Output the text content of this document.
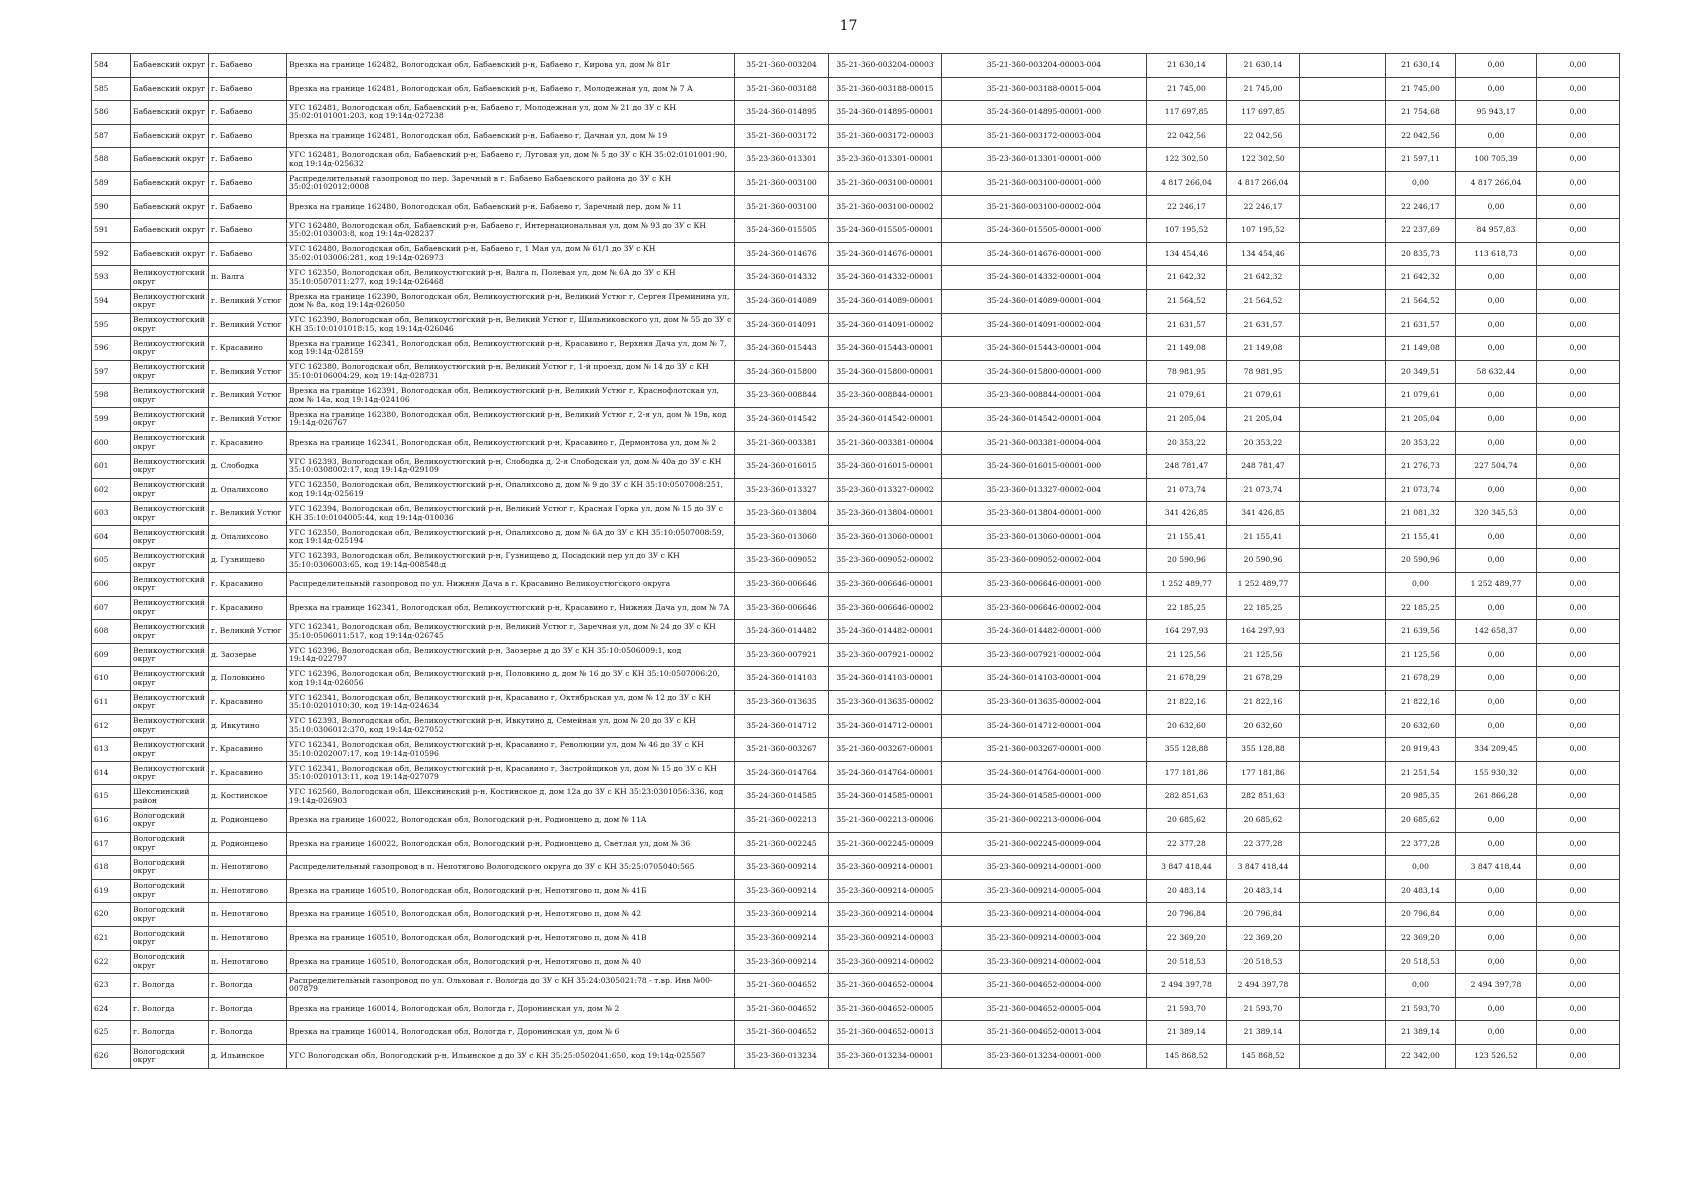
17
584	Бабаевский округ	г. Бабаево	Врезка на границе 162482, Вологодская обл, Бабаевский р-н, Бабаево г, Кирова ул, дом № 81г	35-21-360-003204	35-21-360-003204-00003	35-21-360-003204-00003-004	21 630,14	21 630,14		21 630,14	0,00	0,00
585	Бабаевский округ	г. Бабаево	Врезка на границе 162481, Вологодская обл, Бабаевский р-н, Бабаево г, Молодежная ул, дом № 7 А	35-21-360-003188	35-21-360-003188-00015	35-21-360-003188-00015-004	21 745,00	21 745,00		21 745,00	0,00	0,00
586	Бабаевский округ	г. Бабаево	УГС 162481, Вологодская обл, Бабаевский р-н, Бабаево г, Молодежная ул, дом № 21 до ЗУ с КН 35:02:0101001:203, код 19:14д-027238	35-24-360-014895	35-24-360-014895-00001	35-24-360-014895-00001-000	117 697,85	117 697,85		21 754,68	95 943,17	0,00
587	Бабаевский округ	г. Бабаево	Врезка на границе 162481, Вологодская обл, Бабаевский р-н, Бабаево г, Дачная ул, дом № 19	35-21-360-003172	35-21-360-003172-00003	35-21-360-003172-00003-004	22 042,56	22 042,56		22 042,56	0,00	0,00
588	Бабаевский округ	г. Бабаево	УГС 162481, Вологодская обл, Бабаевский р-н, Бабаево г, Луговая ул, дом № 5 до ЗУ с КН 35:02:0101001:90, код 19:14д-025632	35-23-360-013301	35-23-360-013301-00001	35-23-360-013301-00001-000	122 302,50	122 302,50		21 597,11	100 705,39	0,00
589	Бабаевский округ	г. Бабаево	Распределительный газопровод по пер. Заречный в г. Бабаево Бабаевского района до ЗУ с КН 35:02:0102012:0008	35-21-360-003100	35-21-360-003100-00001	35-21-360-003100-00001-000	4 817 266,04	4 817 266,04		0,00	4 817 266,04	0,00
590	Бабаевский округ	г. Бабаево	Врезка на границе 162480, Вологодская обл, Бабаевский р-н, Бабаево г, Заречный пер, дом № 11	35-21-360-003100	35-21-360-003100-00002	35-21-360-003100-00002-004	22 246,17	22 246,17		22 246,17	0,00	0,00
591	Бабаевский округ	г. Бабаево	УГС 162480, Вологодская обл, Бабаевский р-н, Бабаево г, Интернациональная ул, дом № 93 до ЗУ с КН 35:02:0103003:8, код 19:14д-028237	35-24-360-015505	35-24-360-015505-00001	35-24-360-015505-00001-000	107 195,52	107 195,52		22 237,69	84 957,83	0,00
592	Бабаевский округ	г. Бабаево	УГС 162480, Вологодская обл, Бабаевский р-н, Бабаево г, 1 Мая ул, дом № 61/1 до ЗУ с КН 35:02:0103006:281, код 19:14д-026973	35-24-360-014676	35-24-360-014676-00001	35-24-360-014676-00001-000	134 454,46	134 454,46		20 835,73	113 618,73	0,00
593	Великоустюгский округ	п. Валга	УГС 162350, Вологодская обл, Великоустюгский р-н, Валга п, Полевая ул, дом № 6А до ЗУ с КН 35:10:0507011:277, код 19:14д-026468	35-24-360-014332	35-24-360-014332-00001	35-24-360-014332-00001-004	21 642,32	21 642,32		21 642,32	0,00	0,00
594	Великоустюгский округ	г. Великий Устюг	Врезка на границе 162390, Вологодская обл, Великоустюгский р-н, Великий Устюг г, Сергея Преминина ул, дом № 8а, код 19:14д-026050	35-24-360-014089	35-24-360-014089-00001	35-24-360-014089-00001-004	21 564,52	21 564,52		21 564,52	0,00	0,00
595	Великоустюгский округ	г. Великий Устюг	УГС 162390, Вологодская обл, Великоустюгский р-н, Великий Устюг г, Шильниковского ул, дом № 55 до ЗУ с КН 35:10:0101018:15, код 19:14д-026046	35-24-360-014091	35-24-360-014091-00002	35-24-360-014091-00002-004	21 631,57	21 631,57		21 631,57	0,00	0,00
596	Великоустюгский округ	г. Красавино	Врезка на границе 162341, Вологодская обл, Великоустюгский р-н, Красавино г, Верхняя Дача ул, дом № 7, код 19:14д-028159	35-24-360-015443	35-24-360-015443-00001	35-24-360-015443-00001-004	21 149,08	21 149,08		21 149,08	0,00	0,00
597	Великоустюгский округ	г. Великий Устюг	УГС 162380, Вологодская обл, Великоустюгский р-н, Великий Устюг г, 1-й проезд, дом № 14 до ЗУ с КН 35:10:0106004:29, код 19:14д-028731	35-24-360-015800	35-24-360-015800-00001	35-24-360-015800-00001-000	78 981,95	78 981,95		20 349,51	58 632,44	0,00
598	Великоустюгский округ	г. Великий Устюг	Врезка на границе 162391, Вологодская обл, Великоустюгский р-н, Великий Устюг г, Краснофлотская ул, дом № 14а, код 19:14д-024106	35-23-360-008844	35-23-360-008844-00001	35-23-360-008844-00001-004	21 079,61	21 079,61		21 079,61	0,00	0,00
599	Великоустюгский округ	г. Великий Устюг	Врезка на границе 162380, Вологодская обл, Великоустюгский р-н, Великий Устюг г, 2-я ул, дом № 19в, код 19:14д-026767	35-24-360-014542	35-24-360-014542-00001	35-24-360-014542-00001-004	21 205,04	21 205,04		21 205,04	0,00	0,00
600	Великоустюгский округ	г. Красавино	Врезка на границе 162341, Вологодская обл, Великоустюгский р-н, Красавино г, Дермонтова ул, дом № 2	35-21-360-003381	35-21-360-003381-00004	35-21-360-003381-00004-004	20 353,22	20 353,22		20 353,22	0,00	0,00
601	Великоустюгский округ	д. Слободка	УГС 162393, Вологодская обл, Великоустюгский р-н, Слободка д, 2-я Слободская ул, дом № 40а до ЗУ с КН 35:10:0308002:17, код 19:14д-029109	35-24-360-016015	35-24-360-016015-00001	35-24-360-016015-00001-000	248 781,47	248 781,47		21 276,73	227 504,74	0,00
602	Великоустюгский округ	д. Опалихсово	УГС 162350, Вологодская обл, Великоустюгский р-н, Опалихсово д, дом № 9 до ЗУ с КН 35:10:0507008:251, код 19:14д-025619	35-23-360-013327	35-23-360-013327-00002	35-23-360-013327-00002-004	21 073,74	21 073,74		21 073,74	0,00	0,00
603	Великоустюгский округ	г. Великий Устюг	УГС 162394, Вологодская обл, Великоустюгский р-н, Великий Устюг г, Красная Горка ул, дом № 15 до ЗУ с КН 35:10:0104005:44, код 19:14д-010036	35-23-360-013804	35-23-360-013804-00001	35-23-360-013804-00001-000	341 426,85	341 426,85		21 081,32	320 345,53	0,00
604	Великоустюгский округ	д. Опалихсово	УГС 162350, Вологодская обл, Великоустюгский р-н, Опалихсово д, дом № 6А до ЗУ с КН 35:10:0507008:59, код 19:14д-025194	35-23-360-013060	35-23-360-013060-00001	35-23-360-013060-00001-004	21 155,41	21 155,41		21 155,41	0,00	0,00
605	Великоустюгский округ	д. Гузнищево	УГС 162393, Вологодская обл, Великоустюгский р-н, Гузнищево д, Посадский пер ул до ЗУ с КН 35:10:0306003:65, код 19:14д-008548:д	35-23-360-009052	35-23-360-009052-00002	35-23-360-009052-00002-004	20 590,96	20 590,96		20 590,96	0,00	0,00
606	Великоустюгский округ	г. Красавино	Распределительный газопровод по ул. Нижняя Дача в г. Красавино Великоустюгского округа	35-23-360-006646	35-23-360-006646-00001	35-23-360-006646-00001-000	1 252 489,77	1 252 489,77		0,00	1 252 489,77	0,00
607	Великоустюгский округ	г. Красавино	Врезка на границе 162341, Вологодская обл, Великоустюгский р-н, Красавино г, Нижняя Дача ул, дом № 7А	35-23-360-006646	35-23-360-006646-00002	35-23-360-006646-00002-004	22 185,25	22 185,25		22 185,25	0,00	0,00
608	Великоустюгский округ	г. Великий Устюг	УГС 162341, Вологодская обл, Великоустюгский р-н, Великий Устюг г, Заречная ул, дом № 24 до ЗУ с КН 35:10:0506011:517, код 19:14д-026745	35-24-360-014482	35-24-360-014482-00001	35-24-360-014482-00001-000	164 297,93	164 297,93		21 639,56	142 658,37	0,00
609	Великоустюгский округ	д. Заозерье	УГС 162396, Вологодская обл, Великоустюгский р-н, Заозерье д до ЗУ с КН 35:10:0506009:1, код 19:14д-022797	35-23-360-007921	35-23-360-007921-00002	35-23-360-007921-00002-004	21 125,56	21 125,56		21 125,56	0,00	0,00
610	Великоустюгский округ	д. Половкино	УГС 162396, Вологодская обл, Великоустюгский р-н, Половкино д, дом № 16 до ЗУ с КН 35:10:0507006:20, код 19:14д-026056	35-24-360-014103	35-24-360-014103-00001	35-24-360-014103-00001-004	21 678,29	21 678,29		21 678,29	0,00	0,00
611	Великоустюгский округ	г. Красавино	УГС 162341, Вологодская обл, Великоустюгский р-н, Красавино г, Октябрьская ул, дом № 12 до ЗУ с КН 35:10:0201010:30, код 19:14д-024634	35-23-360-013635	35-23-360-013635-00002	35-23-360-013635-00002-004	21 822,16	21 822,16		21 822,16	0,00	0,00
612	Великоустюгский округ	д. Ивкутино	УГС 162393, Вологодская обл, Великоустюгский р-н, Ивкутино д, Семейная ул, дом № 20 до ЗУ с КН 35:10:0306012:370, код 19:14д-027052	35-24-360-014712	35-24-360-014712-00001	35-24-360-014712-00001-004	20 632,60	20 632,60		20 632,60	0,00	0,00
613	Великоустюгский округ	г. Красавино	УГС 162341, Вологодская обл, Великоустюгский р-н, Красавино г, Революции ул, дом № 46 до ЗУ с КН 35:10:0202007:17, код 19:14д-010596	35-21-360-003267	35-21-360-003267-00001	35-21-360-003267-00001-000	355 128,88	355 128,88		20 919,43	334 209,45	0,00
614	Великоустюгский округ	г. Красавино	УГС 162341, Вологодская обл, Великоустюгский р-н, Красавино г, Застройщиков ул, дом № 15 до ЗУ с КН 35:10:0201013:11, код 19:14д-027079	35-24-360-014764	35-24-360-014764-00001	35-24-360-014764-00001-000	177 181,86	177 181,86		21 251,54	155 930,32	0,00
615	Шекснинский район	д. Костинское	УГС 162560, Вологодская обл, Шекснинский р-н, Костинское д, дом 12а до ЗУ с КН 35:23:0301056:336, код 19:14д-026903	35-24-360-014585	35-24-360-014585-00001	35-24-360-014585-00001-000	282 851,63	282 851,63		20 985,35	261 866,28	0,00
616	Вологодский округ	д. Родионцево	Врезка на границе 160022, Вологодская обл, Вологодский р-н, Родионцево д, дом № 11А	35-21-360-002213	35-21-360-002213-00006	35-21-360-002213-00006-004	20 685,62	20 685,62		20 685,62	0,00	0,00
617	Вологодский округ	д. Родионцево	Врезка на границе 160022, Вологодская обл, Вологодский р-н, Родионцево д, Светлая ул, дом № 36	35-21-360-002245	35-21-360-002245-00009	35-21-360-002245-00009-004	22 377,28	22 377,28		22 377,28	0,00	0,00
618	Вологодский округ	п. Непотягово	Распределительный газопровод в п. Непотягово Вологодского округа до ЗУ с КН 35:25:0705040:565	35-23-360-009214	35-23-360-009214-00001	35-23-360-009214-00001-000	3 847 418,44	3 847 418,44		0,00	3 847 418,44	0,00
619	Вологодский округ	п. Непотягово	Врезка на границе 160510, Вологодская обл, Вологодский р-н, Непотягово п, дом № 41Б	35-23-360-009214	35-23-360-009214-00005	35-23-360-009214-00005-004	20 483,14	20 483,14		20 483,14	0,00	0,00
620	Вологодский округ	п. Непотягово	Врезка на границе 160510, Вологодская обл, Вологодский р-н, Непотягово п, дом № 42	35-23-360-009214	35-23-360-009214-00004	35-23-360-009214-00004-004	20 796,84	20 796,84		20 796,84	0,00	0,00
621	Вологодский округ	п. Непотягово	Врезка на границе 160510, Вологодская обл, Вологодский р-н, Непотягово п, дом № 41В	35-23-360-009214	35-23-360-009214-00003	35-23-360-009214-00003-004	22 369,20	22 369,20		22 369,20	0,00	0,00
622	Вологодский округ	п. Непотягово	Врезка на границе 160510, Вологодская обл, Вологодский р-н, Непотягово п, дом № 40	35-23-360-009214	35-23-360-009214-00002	35-23-360-009214-00002-004	20 518,53	20 518,53		20 518,53	0,00	0,00
623	г. Вологда	г. Вологда	Распределительный газопровод по ул. Ольховая г. Вологда до ЗУ с КН 35:24:0305021:78 - т.вр. Инв №00-007879	35-21-360-004652	35-21-360-004652-00004	35-21-360-004652-00004-000	2 494 397,78	2 494 397,78		0,00	2 494 397,78	0,00
624	г. Вологда	г. Вологда	Врезка на границе 160014, Вологодская обл, Вологда г, Доронинская ул, дом № 2	35-21-360-004652	35-21-360-004652-00005	35-21-360-004652-00005-004	21 593,70	21 593,70		21 593,70	0,00	0,00
625	г. Вологда	г. Вологда	Врезка на границе 160014, Вологодская обл, Вологда г, Доронинская ул, дом № 6	35-21-360-004652	35-21-360-004652-00013	35-21-360-004652-00013-004	21 389,14	21 389,14		21 389,14	0,00	0,00
626	Вологодский округ	д. Ильинское	УГС Вологодская обл, Вологодский р-н, Ильинское д до ЗУ с КН 35:25:0502041:650, код 19:14д-025567	35-23-360-013234	35-23-360-013234-00001	35-23-360-013234-00001-000	145 868,52	145 868,52		22 342,00	123 526,52	0,00
